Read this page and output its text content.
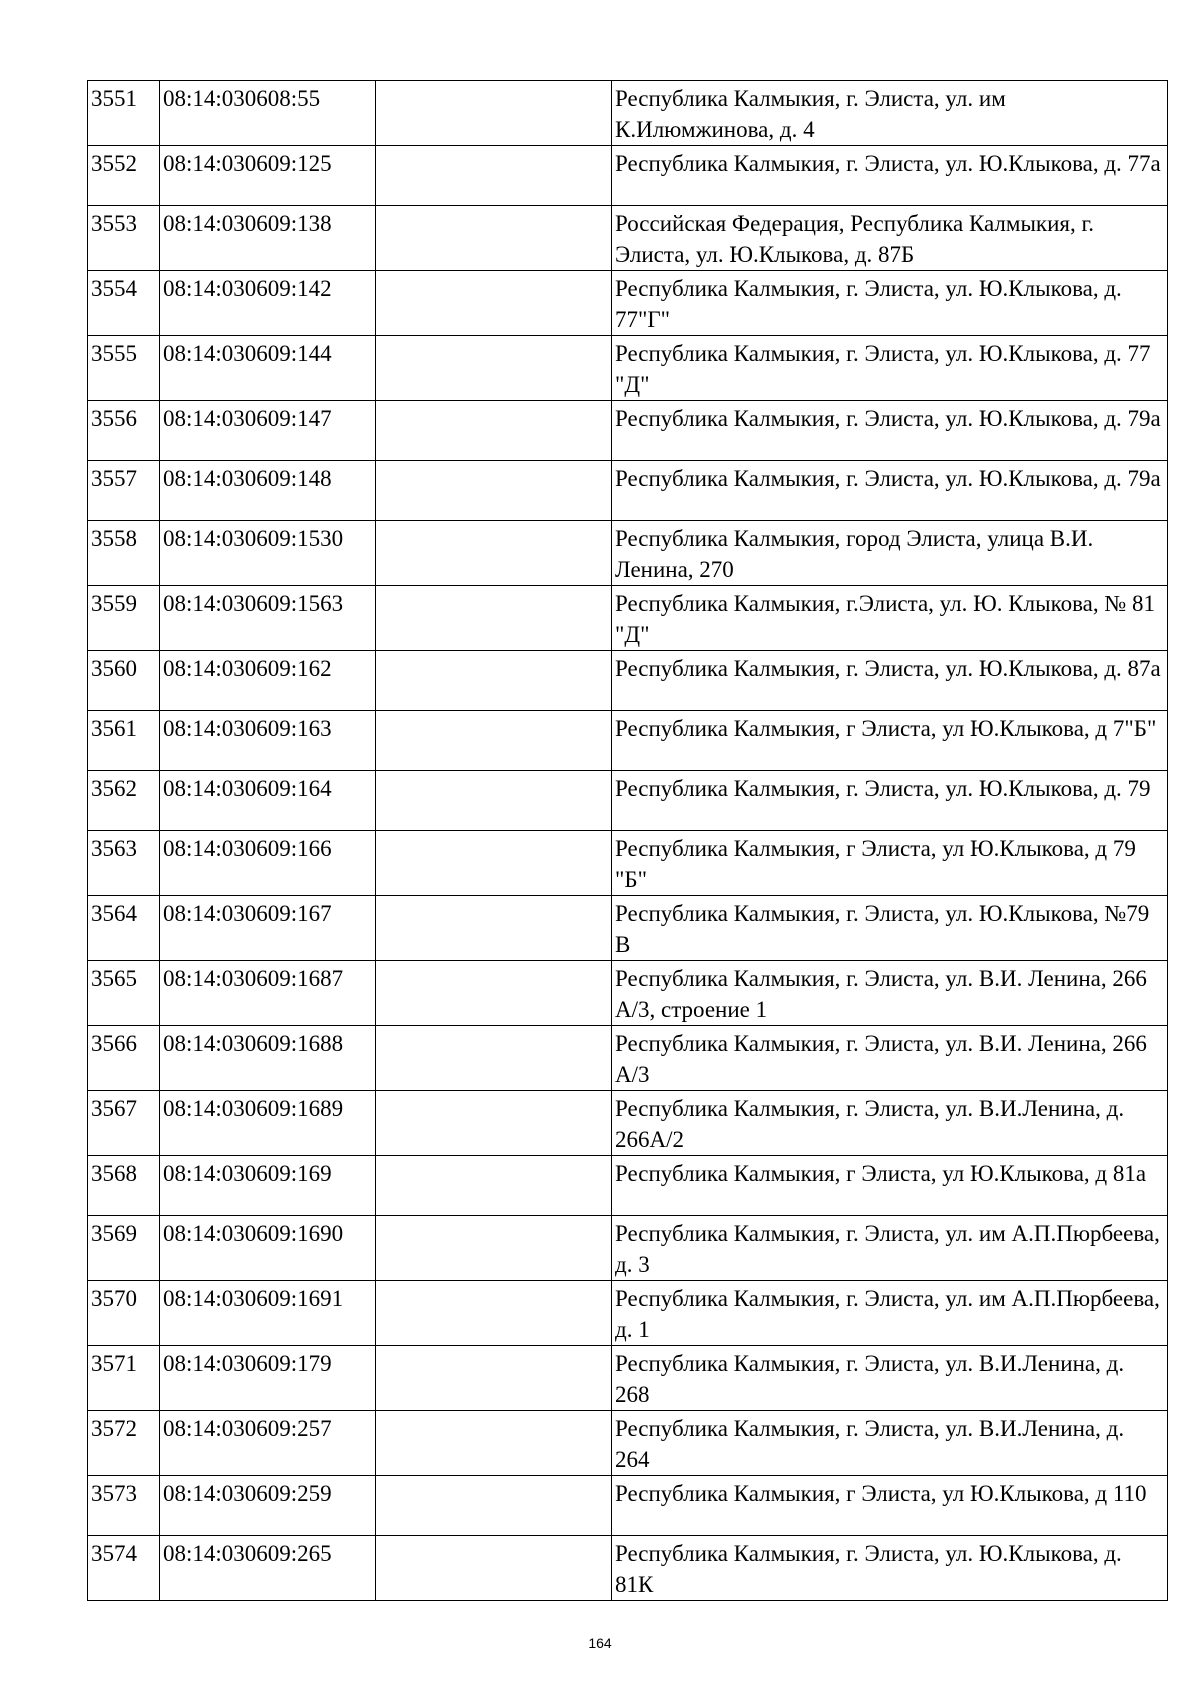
3551	08:14:030608:55		Республика Калмыкия, г. Элиста, ул. им К.Илюмжинова, д. 4
3552	08:14:030609:125		Республика Калмыкия, г. Элиста, ул. Ю.Клыкова, д. 77а
3553	08:14:030609:138		Российская Федерация, Республика Калмыкия, г. Элиста, ул. Ю.Клыкова, д. 87Б
3554	08:14:030609:142		Республика Калмыкия, г. Элиста, ул. Ю.Клыкова, д. 77"Г"
3555	08:14:030609:144		Республика Калмыкия, г. Элиста, ул. Ю.Клыкова, д. 77 "Д"
3556	08:14:030609:147		Республика Калмыкия, г. Элиста, ул. Ю.Клыкова, д. 79а
3557	08:14:030609:148		Республика Калмыкия, г. Элиста, ул. Ю.Клыкова, д. 79а
3558	08:14:030609:1530		Республика Калмыкия, город Элиста, улица В.И. Ленина, 270
3559	08:14:030609:1563		Республика Калмыкия, г.Элиста, ул. Ю. Клыкова, № 81 "Д"
3560	08:14:030609:162		Республика Калмыкия, г. Элиста, ул. Ю.Клыкова, д. 87а
3561	08:14:030609:163		Республика Калмыкия, г Элиста, ул Ю.Клыкова, д 7"Б"
3562	08:14:030609:164		Республика Калмыкия, г. Элиста, ул. Ю.Клыкова, д. 79
3563	08:14:030609:166		Республика Калмыкия, г Элиста, ул Ю.Клыкова, д 79 "Б"
3564	08:14:030609:167		Республика Калмыкия, г. Элиста, ул. Ю.Клыкова, №79 В
3565	08:14:030609:1687		Республика Калмыкия, г. Элиста, ул. В.И. Ленина, 266 А/3, строение 1
3566	08:14:030609:1688		Республика Калмыкия, г. Элиста, ул. В.И. Ленина, 266 А/3
3567	08:14:030609:1689		Республика Калмыкия, г. Элиста, ул. В.И.Ленина, д. 266А/2
3568	08:14:030609:169		Республика Калмыкия, г Элиста, ул Ю.Клыкова, д 81а
3569	08:14:030609:1690		Республика Калмыкия, г. Элиста, ул. им А.П.Пюрбеева, д. 3
3570	08:14:030609:1691		Республика Калмыкия, г. Элиста, ул. им А.П.Пюрбеева, д. 1
3571	08:14:030609:179		Республика Калмыкия, г. Элиста, ул. В.И.Ленина, д. 268
3572	08:14:030609:257		Республика Калмыкия, г. Элиста, ул. В.И.Ленина, д. 264
3573	08:14:030609:259		Республика Калмыкия, г Элиста, ул Ю.Клыкова, д 110
3574	08:14:030609:265		Республика Калмыкия, г. Элиста, ул. Ю.Клыкова, д. 81К
164
